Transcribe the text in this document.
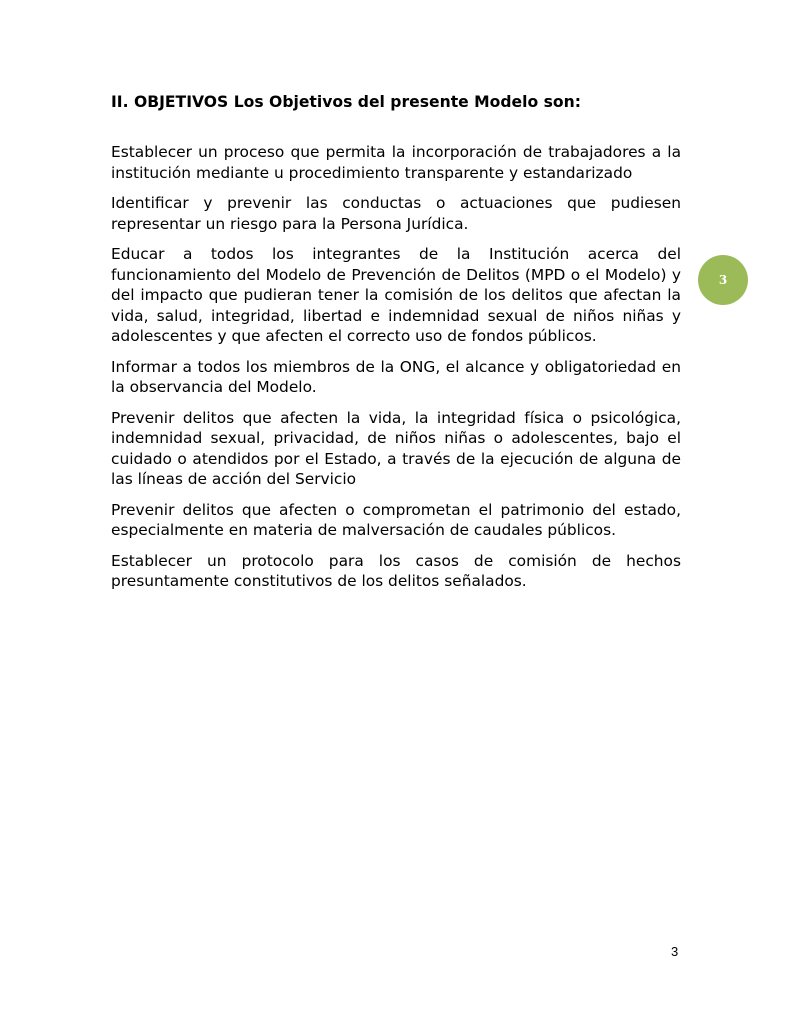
II. OBJETIVOS Los Objetivos del presente Modelo son:

Establecer un proceso que permita la incorporación de trabajadores a la institución mediante u procedimiento transparente y estandarizado

Identificar y prevenir las conductas o actuaciones que pudiesen representar un riesgo para la Persona Jurídica.

Educar a todos los integrantes de la Institución acerca del funcionamiento del Modelo de Prevención de Delitos (MPD o el Modelo) y del impacto que pudieran tener la comisión de los delitos que afectan la vida, salud, integridad, libertad e indemnidad sexual de niños niñas y adolescentes y que afecten el correcto uso de fondos públicos.

Informar a todos los miembros de la ONG, el alcance y obligatoriedad en la observancia del Modelo.

Prevenir delitos que afecten la vida, la integridad física o psicológica, indemnidad sexual, privacidad, de niños niñas o adolescentes, bajo el cuidado o atendidos por el Estado, a través de la ejecución de alguna de las líneas de acción del Servicio

Prevenir delitos que afecten o comprometan el patrimonio del estado, especialmente en materia de malversación de caudales públicos.

Establecer un protocolo para los casos de comisión de hechos presuntamente constitutivos de los delitos señalados.

3
3
